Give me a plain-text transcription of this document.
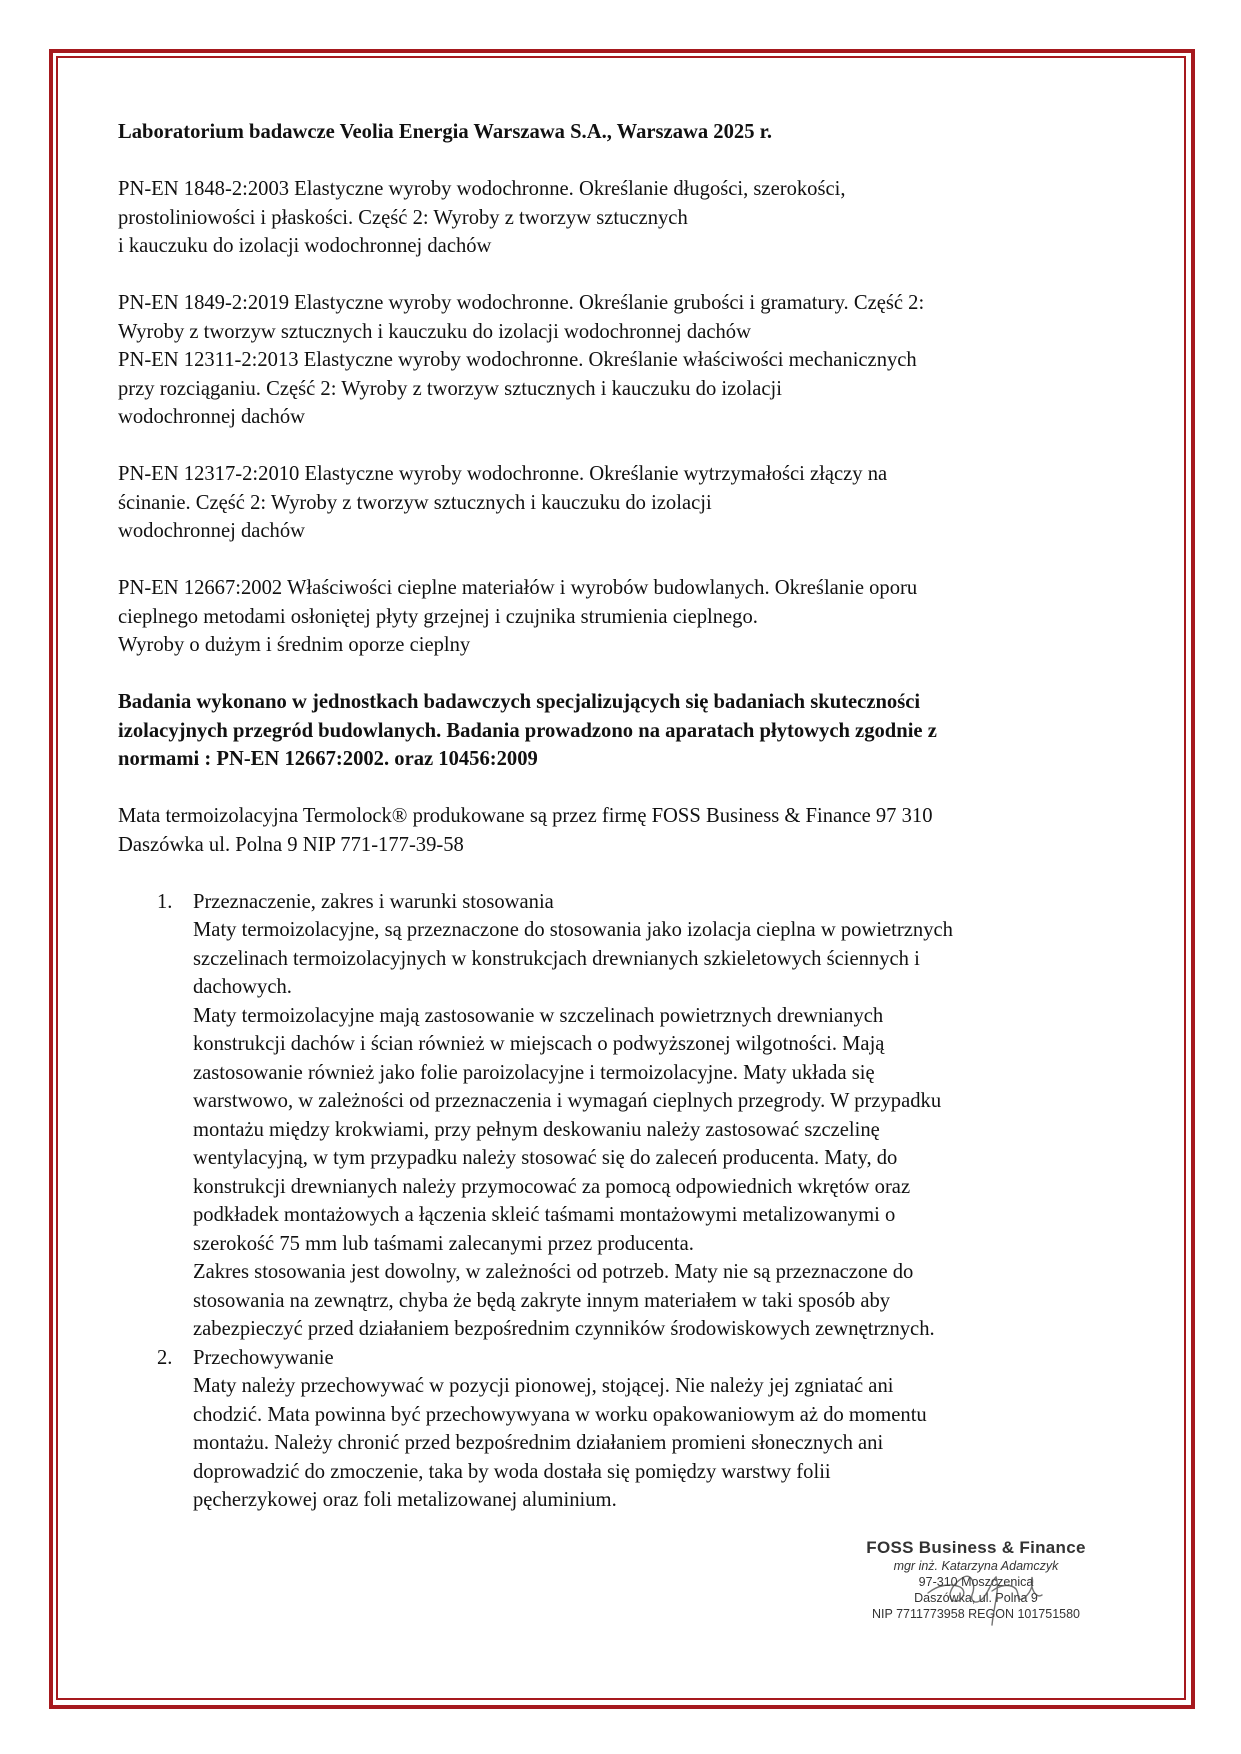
Laboratorium badawcze Veolia Energia Warszawa S.A., Warszawa 2025 r.

PN-EN 1848-2:2003 Elastyczne wyroby wodochronne. Określanie długości, szerokości,
prostoliniowości i płaskości. Część 2: Wyroby z tworzyw sztucznych
i kauczuku do izolacji wodochronnej dachów
PN-EN 1849-2:2019 Elastyczne wyroby wodochronne. Określanie grubości i gramatury. Część 2:
Wyroby z tworzyw sztucznych i kauczuku do izolacji wodochronnej dachów
PN-EN 12311-2:2013 Elastyczne wyroby wodochronne. Określanie właściwości mechanicznych
przy rozciąganiu. Część 2: Wyroby z tworzyw sztucznych i kauczuku do izolacji
wodochronnej dachów
PN-EN 12317-2:2010 Elastyczne wyroby wodochronne. Określanie wytrzymałości złączy na
ścinanie. Część 2: Wyroby z tworzyw sztucznych i kauczuku do izolacji
wodochronnej dachów
PN-EN 12667:2002 Właściwości cieplne materiałów i wyrobów budowlanych. Określanie oporu
cieplnego metodami osłoniętej płyty grzejnej i czujnika strumienia cieplnego.
Wyroby o dużym i średnim oporze cieplny
Badania wykonano w jednostkach badawczych specjalizujących się badaniach skuteczności
izolacyjnych przegród budowlanych. Badania prowadzono na aparatach płytowych zgodnie z
normami : PN-EN 12667:2002. oraz 10456:2009
Mata termoizolacyjna Termolock® produkowane są przez firmę FOSS Business & Finance 97 310
Daszówka ul. Polna 9 NIP 771-177-39-58
1. Przeznaczenie, zakres i warunki stosowania
Maty termoizolacyjne, są przeznaczone do stosowania jako izolacja cieplna w powietrznych
szczelinach termoizolacyjnych w konstrukcjach drewnianych szkieletowych ściennych i
dachowych.
Maty termoizolacyjne mają zastosowanie w szczelinach powietrznych drewnianych
konstrukcji dachów i ścian również w miejscach o podwyższonej wilgotności. Mają
zastosowanie również jako folie paroizolacyjne i termoizolacyjne. Maty układa się
warstwowo, w zależności od przeznaczenia i wymagań cieplnych przegrody. W przypadku
montażu między krokwiami, przy pełnym deskowaniu należy zastosować szczelinę
wentylacyjną, w tym przypadku należy stosować się do zaleceń producenta. Maty, do
konstrukcji drewnianych należy przymocować za pomocą odpowiednich wkrętów oraz
podkładek montażowych a łączenia skleić taśmami montażowymi metalizowanymi o
szerokość 75 mm lub taśmami zalecanymi przez producenta.
Zakres stosowania jest dowolny, w zależności od potrzeb. Maty nie są przeznaczone do
stosowania na zewnątrz, chyba że będą zakryte innym materiałem w taki sposób aby
zabezpieczyć przed działaniem bezpośrednim czynników środowiskowych zewnętrznych.
2. Przechowywanie
Maty należy przechowywać w pozycji pionowej, stojącej. Nie należy jej zgniatać ani
chodzić. Mata powinna być przechowywyana w worku opakowaniowym aż do momentu
montażu. Należy chronić przed bezpośrednim działaniem promieni słonecznych ani
doprowadzić do zmoczenie, taka by woda dostała się pomiędzy warstwy folii
pęcherzykowej oraz foli metalizowanej aluminium.
FOSS Business & Finance
mgr inż. Katarzyna Adamczyk
97-310 Moszczenica
Daszówka, ul. Polna 9
NIP 7711773958 REGON 101751580
